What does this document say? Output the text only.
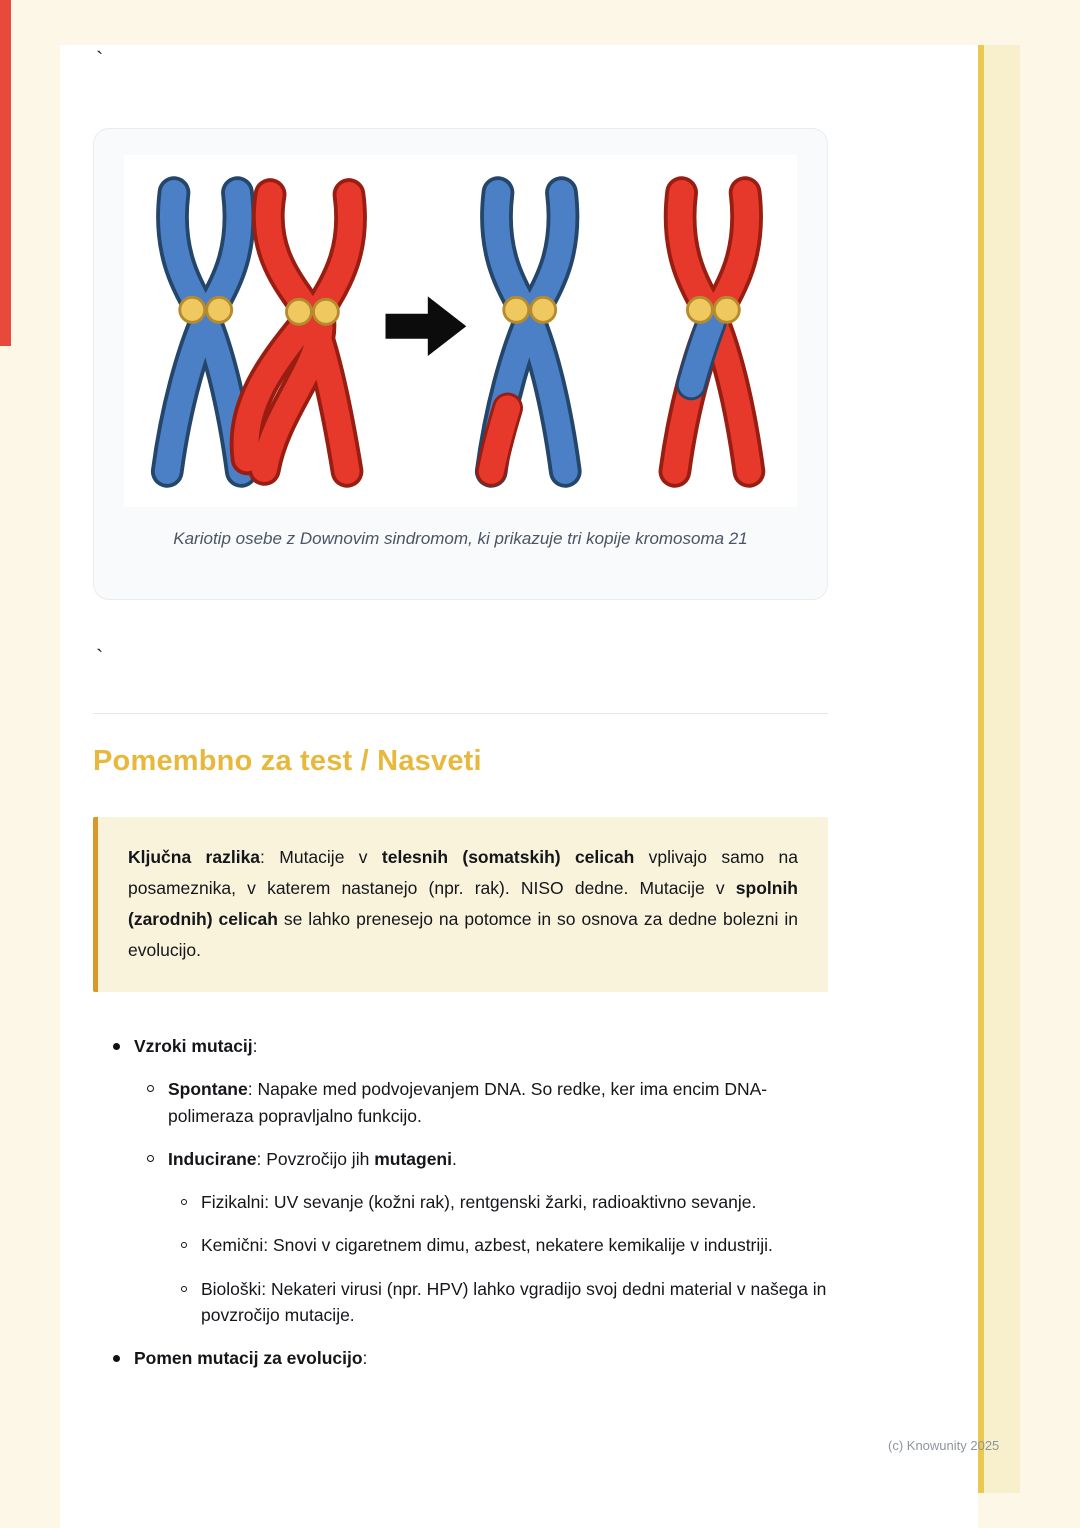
`
Kariotip osebe z Downovim sindromom, ki prikazuje tri kopije kromosoma 21
`
Pomembno za test / Nasveti

Ključna razlika: Mutacije v telesnih (somatskih) celicah vplivajo samo na posameznika, v katerem nastanejo (npr. rak). NISO dedne. Mutacije v spolnih (zarodnih) celicah se lahko prenesejo na potomce in so osnova za dedne bolezni in evolucijo.

Vzroki mutacij:
Spontane: Napake med podvojevanjem DNA. So redke, ker ima encim DNA-polimeraza popravljalno funkcijo.
Inducirane: Povzročijo jih mutageni.
Fizikalni: UV sevanje (kožni rak), rentgenski žarki, radioaktivno sevanje.
Kemični: Snovi v cigaretnem dimu, azbest, nekatere kemikalije v industriji.
Biološki: Nekateri virusi (npr. HPV) lahko vgradijo svoj dedni material v našega in povzročijo mutacije.
Pomen mutacij za evolucijo:
(c) Knowunity 2025
